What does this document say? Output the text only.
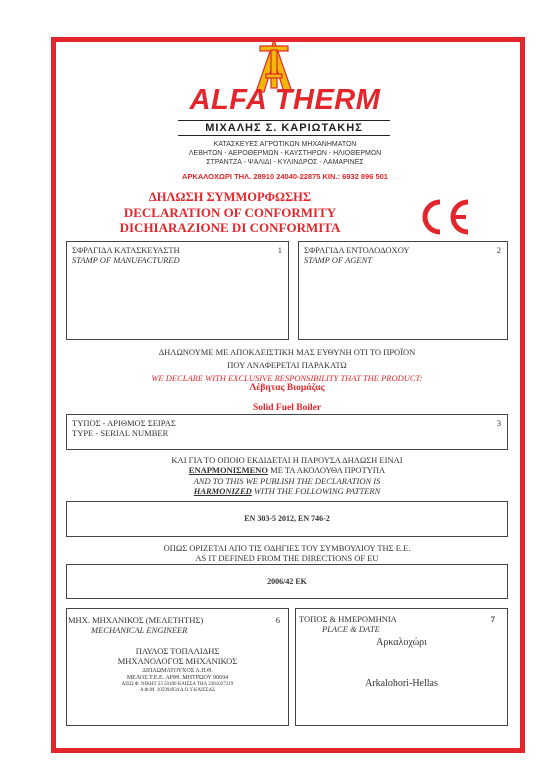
ALFA THERM
ΜΙΧΑΛΗΣ Σ. ΚΑΡΙΩΤΑΚΗΣ
ΚΑΤΑΣΚΕΥΕΣ ΑΓΡΟΤΙΚΩΝ ΜΗΧΑΝΗΜΑΤΩΝ
ΛΕΒΗΤΩΝ - ΑΕΡΟΘΕΡΜΩΝ - ΚΑΥΣΤΗΡΩΝ - ΗΛΙΟΘΕΡΜΩΝ
ΣΤΡΑΝΤΖΑ - ΨΑΛΙΔΙ - ΚΥΛΙΝΔΡΟΣ - ΛΑΜΑΡΙΝΕΣ
ΑΡΚΑΛΟΧΩΡΙ ΤΗΛ. 28910 24040-22875 ΚΙΝ.: 6932 896 501
ΔΗΛΩΣΗ ΣΥΜΜΟΡΦΩΣΗΣ
DECLARATION OF CONFORMITY
DICHIARAZIONE DI CONFORMITA
ΣΦΡΑΓΙΔΑ ΚΑΤΑΣΚΕΥΑΣΤΗ
STAMP OF MANUFACTURED
1	ΣΦΡΑΓΙΔΑ ΕΝΤΟΛΟΔΟΧΟΥ
STAMP OF AGENT
2
ΔΗΛΩΝΟΥΜΕ ΜΕ ΑΠΟΚΛΕΙΣΤΙΚΗ ΜΑΣ ΕΥΘΥΝΗ ΟΤΙ ΤΟ ΠΡΟΪΟΝ
ΠΟΥ ΑΝΑΦΕΡΕΤΑΙ ΠΑΡΑΚΑΤΩ
WE DECLARE WITH EXCLUSIVE RESPONSIBILITY THAT THE PRODUCT:
Λέβητας Βιομάζας
Solid Fuel Boiler
ΤΥΠΟΣ - ΑΡΙΘΜΟΣ ΣΕΙΡΑΣ
TYPE - SERIAL NUMBER
3
ΚΑΙ ΓΙΑ ΤΟ ΟΠΟΙΟ ΕΚΔΙΔΕΤΑΙ Η ΠΑΡΟΥΣΑ ΔΗΛΩΣΗ ΕΙΝΑΙ
ΕΝΑΡΜΟΝΙΣΜΕΝΟ ΜΕ ΤΑ ΑΚΟΛΟΥΘΑ ΠΡΟΤΥΠΑ
AND TO THIS WE PUBLISH THE DECLARATION IS
HARMONIZED WITH THE FOLLOWING PATTERN
EN 303-5 2012, EN 746-2
ΟΠΩΣ ΟΡΙΖΕΤΑΙ ΑΠΟ ΤΙΣ ΟΔΗΓΙΕΣ ΤΟΥ ΣΥΜΒΟΥΛΙΟΥ ΤΗΣ Ε.Ε.
AS IT DEFINED FROM THE DIRECTIONS OF EU
2006/42 EK
ΜΗΧ. ΜΗΧΑΝΙΚΟΣ (ΜΕΛΕΤΗΤΗΣ)
MECHANICAL ENGINEER
6
ΠΑΥΛΟΣ ΤΟΠΑΛΙΔΗΣ
ΜΗΧΑΝΟΛΟΓΟΣ ΜΗΧΑΝΙΚΟΣ
ΔΙΠΛΩΜΑΤΟΥΧΟΣ Α.Π.Θ.
ΜΕΛΟΣ Τ.Ε.Ε. ΑΡΙΘ. ΜΗΤΡΩΟΥ 90694
ΑΙΣΩ Φ. ΝΙΚΗΤ 23 50100 ΚΑΙΣΣΑ ΤΗΛ 2381027319
Α.Φ.Μ. 105994934 Δ.Ο.Υ.ΚΑΙΣΣΑΣ
ΤΟΠΟΣ & ΗΜΕΡΟΜΗΝΙΑ
PLACE & DATE
7
Αρκαλοχώρι
Arkalohori-Hellas
